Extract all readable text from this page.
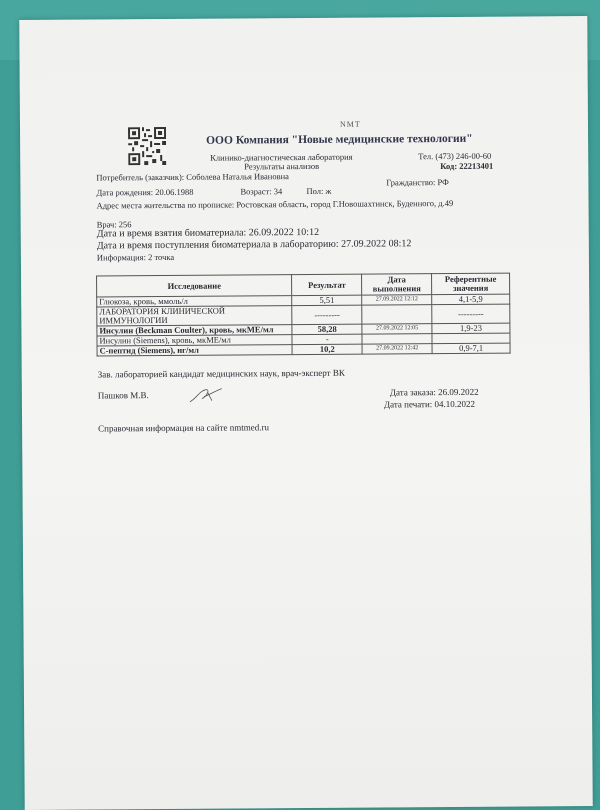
NMT
ООО Компания "Новые медицинские технологии"
Клинико-диагностическая лаборатория	Тел. (473) 246-00-60
Результаты анализов	Код: 22213401
Потребитель (заказчик): Соболева Наталья Ивановна	Гражданство: РФ
Дата рождения: 20.06.1988	Возраст: 34	Пол: ж
Адрес места жительства по прописке: Ростовская область, город Г.Новошахтинск, Буденного, д.49
Врач: 256
Дата и время взятия биоматериала: 26.09.2022 10:12
Дата и время поступления биоматериала в лабораторию: 27.09.2022 08:12
Информация: 2 точка
Исследование	Результат	Дата выполнения	Референтные значения
Глюкоза, кровь, ммоль/л	5,51	27.09.2022 12:12	4,1-5,9
ЛАБОРАТОРИЯ КЛИНИЧЕСКОЙ ИММУНОЛОГИИ	---------		---------
Инсулин (Beckman Coulter), кровь, мкМЕ/мл	58,28	27.09.2022 12:05	1,9-23
Инсулин (Siemens), кровь, мкМЕ/мл	-		
С-пептид (Siemens), нг/мл	10,2	27.09.2022 12:42	0,9-7,1
Зав. лабораторией кандидат медицинских наук, врач-эксперт ВК
Пашков М.В.	Дата заказа: 26.09.2022
Дата печати: 04.10.2022
Справочная информация на сайте nmtmed.ru
